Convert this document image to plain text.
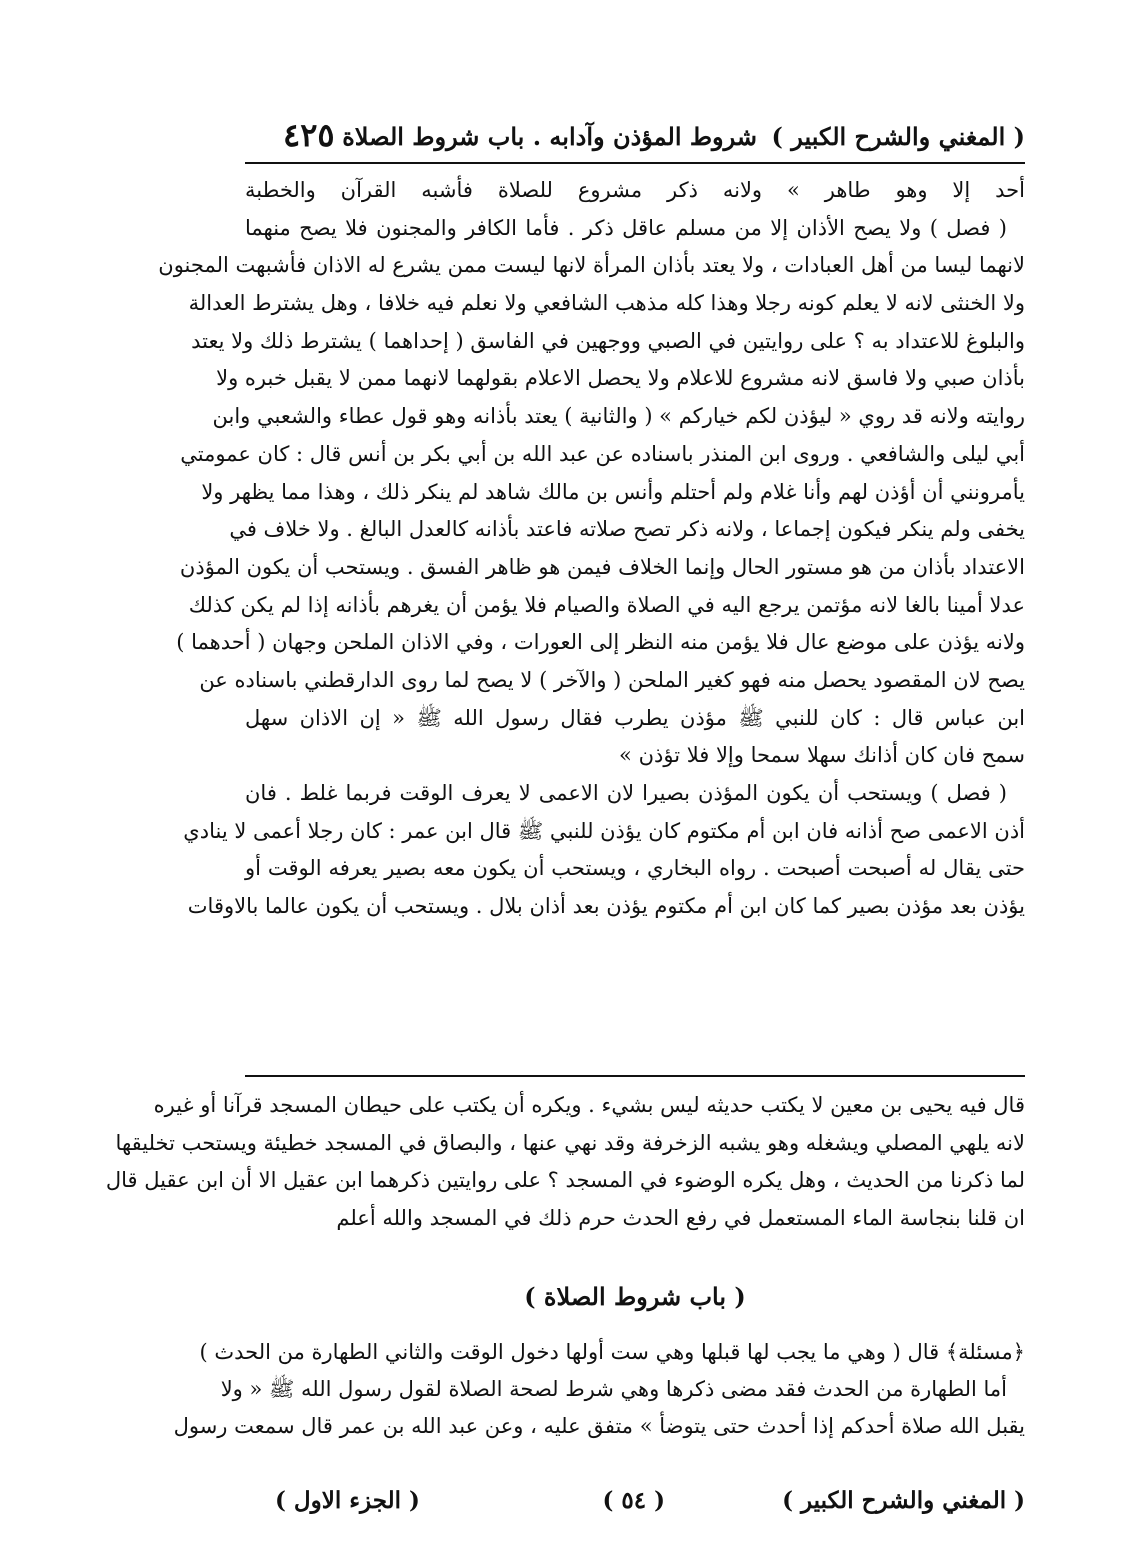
( المغني والشرح الكبير )
شروط المؤذن وآدابه . باب شروط الصلاة
٤٢٥
أحد إلا وهو طاهر » ولانه ذكر مشروع للصلاة فأشبه القرآن والخطبة
( فصل ) ولا يصح الأذان إلا من مسلم عاقل ذكر . فأما الكافر والمجنون فلا يصح منهما
لانهما ليسا من أهل العبادات ، ولا يعتد بأذان المرأة لانها ليست ممن يشرع له الاذان فأشبهت المجنون
ولا الخنثى لانه لا يعلم كونه رجلا وهذا كله مذهب الشافعي ولا نعلم فيه خلافا ، وهل يشترط العدالة
والبلوغ للاعتداد به ؟ على روايتين في الصبي ووجهين في الفاسق ( إحداهما ) يشترط ذلك ولا يعتد
بأذان صبي ولا فاسق لانه مشروع للاعلام ولا يحصل الاعلام بقولهما لانهما ممن لا يقبل خبره ولا
روايته ولانه قد روي « ليؤذن لكم خياركم » ( والثانية ) يعتد بأذانه وهو قول عطاء والشعبي وابن
أبي ليلى والشافعي . وروى ابن المنذر باسناده عن عبد الله بن أبي بكر بن أنس قال : كان عمومتي
يأمرونني أن أؤذن لهم وأنا غلام ولم أحتلم وأنس بن مالك شاهد لم ينكر ذلك ، وهذا مما يظهر ولا
يخفى ولم ينكر فيكون إجماعا ، ولانه ذكر تصح صلاته فاعتد بأذانه كالعدل البالغ . ولا خلاف في
الاعتداد بأذان من هو مستور الحال وإنما الخلاف فيمن هو ظاهر الفسق . ويستحب أن يكون المؤذن
عدلا أمينا بالغا لانه مؤتمن يرجع اليه في الصلاة والصيام فلا يؤمن أن يغرهم بأذانه إذا لم يكن كذلك
ولانه يؤذن على موضع عال فلا يؤمن منه النظر إلى العورات ، وفي الاذان الملحن وجهان ( أحدهما )
يصح لان المقصود يحصل منه فهو كغير الملحن ( والآخر ) لا يصح لما روى الدارقطني باسناده عن
ابن عباس قال : كان للنبي ﷺ مؤذن يطرب فقال رسول الله ﷺ « إن الاذان سهل
سمح فان كان أذانك سهلا سمحا وإلا فلا تؤذن »
( فصل ) ويستحب أن يكون المؤذن بصيرا لان الاعمى لا يعرف الوقت فربما غلط . فان
أذن الاعمى صح أذانه فان ابن أم مكتوم كان يؤذن للنبي ﷺ قال ابن عمر : كان رجلا أعمى لا ينادي
حتى يقال له أصبحت أصبحت . رواه البخاري ، ويستحب أن يكون معه بصير يعرفه الوقت أو
يؤذن بعد مؤذن بصير كما كان ابن أم مكتوم يؤذن بعد أذان بلال . ويستحب أن يكون عالما بالاوقات
قال فيه يحيى بن معين لا يكتب حديثه ليس بشيء . ويكره أن يكتب على حيطان المسجد قرآنا أو غيره
لانه يلهي المصلي ويشغله وهو يشبه الزخرفة وقد نهي عنها ، والبصاق في المسجد خطيئة ويستحب تخليقها
لما ذكرنا من الحديث ، وهل يكره الوضوء في المسجد ؟ على روايتين ذكرهما ابن عقيل الا أن ابن عقيل قال
ان قلنا بنجاسة الماء المستعمل في رفع الحدث حرم ذلك في المسجد والله أعلم
( باب شروط الصلاة )
﴿مسئلة﴾ قال ( وهي ما يجب لها قبلها وهي ست أولها دخول الوقت والثاني الطهارة من الحدث )
أما الطهارة من الحدث فقد مضى ذكرها وهي شرط لصحة الصلاة لقول رسول الله ﷺ « ولا
يقبل الله صلاة أحدكم إذا أحدث حتى يتوضأ » متفق عليه ، وعن عبد الله بن عمر قال سمعت رسول
( المغني والشرح الكبير )
( ٥٤ )
( الجزء الاول )
